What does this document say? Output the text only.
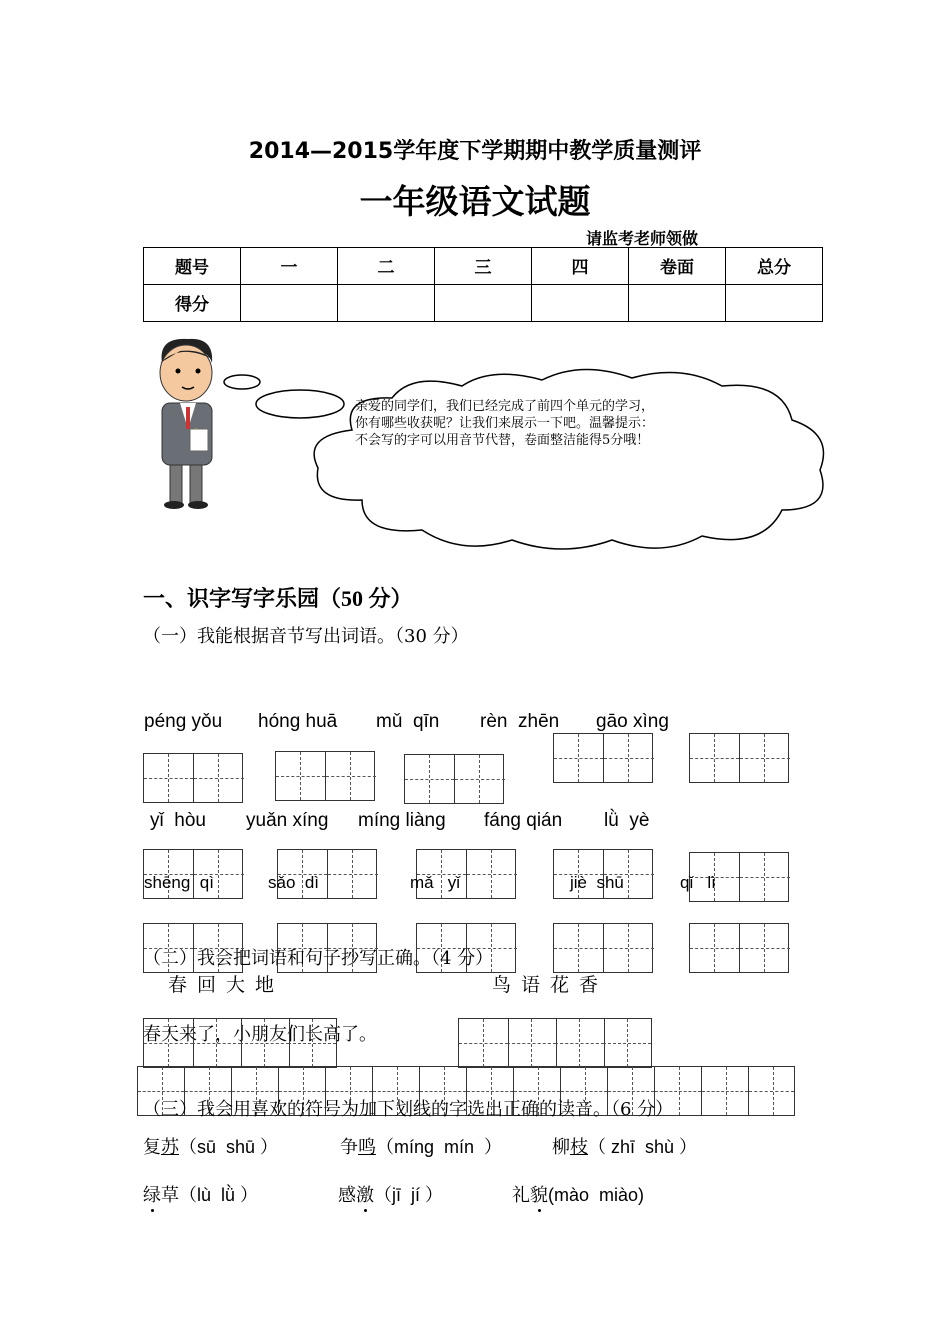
2014—2015学年度下学期期中教学质量测评
一年级语文试题
请监考老师领做
题号	一	二	三	四	卷面	总分

得分						

亲爱的同学们，我们已经完成了前四个单元的学习，
你有哪些收获呢？让我们来展示一下吧。温馨提示：
不会写的字可以用音节代替，卷面整洁能得5分哦！
一、识字写字乐园（50 分）
（一）我能根据音节写出词语。（30 分）
péng yǒu hóng huā mǔ  qīn rèn  zhēn gāo xìng
yǐ  hòu yuǎn xíng míng liàng fáng qián lǜ  yè
shēng  qì	sǎo  dì	mǎ   yǐ	jiè  shū	qǐ   lì
（二）我会把词语和句子抄写正确。（4 分）
春回大地	鸟语花香
春天来了，小朋友们长高了。
（三）我会用喜欢的符号为加下划线的字选出正确的读音。（6 分）
复苏（sū  shū ）	争鸣（míng  mín  ）	柳枝（ zhī  shù ）
绿草（lù  lǜ ）	感激（jī  jí ）	礼貌(mào  miào)
